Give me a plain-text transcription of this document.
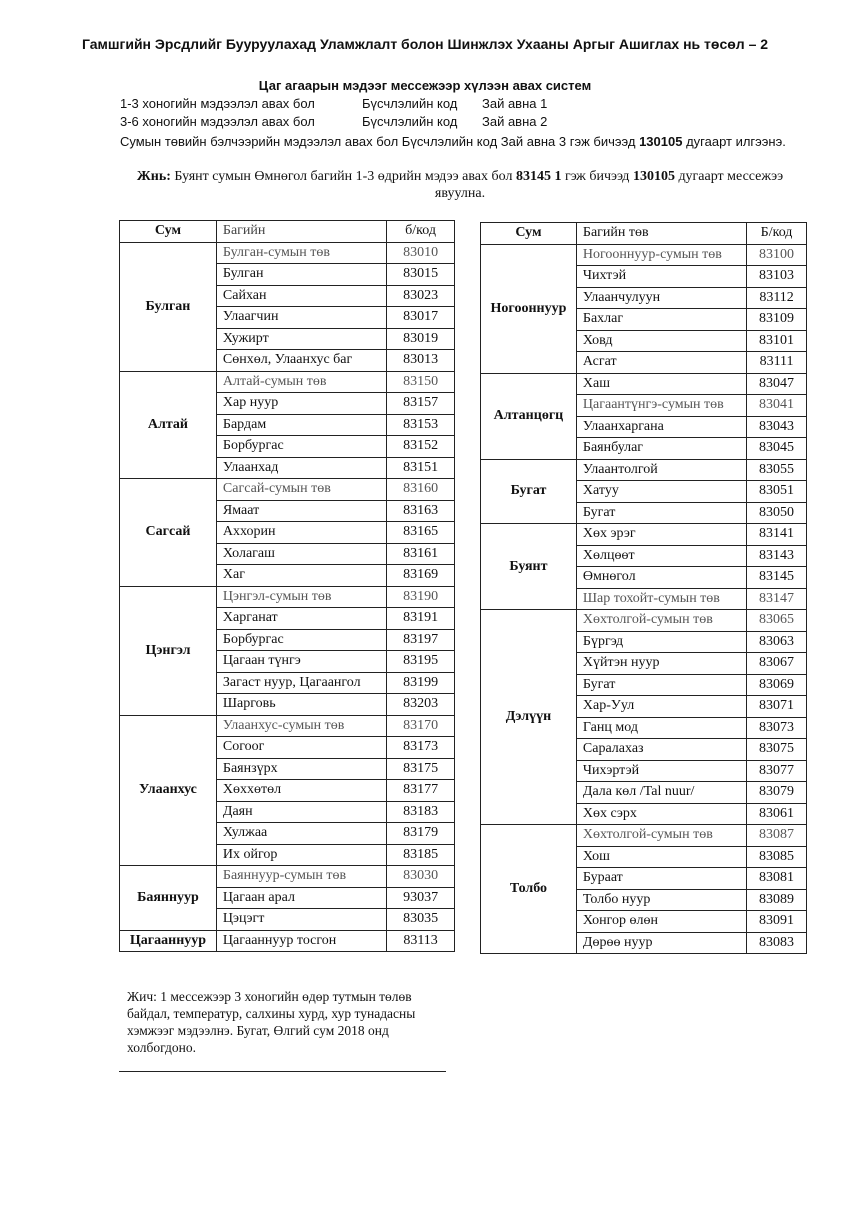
Гамшгийн Эрсдлийг Бууруулахад Уламжлалт болон Шинжлэх Ухааны Аргыг Ашиглах нь төсөл – 2
Цаг агаарын мэдээг мессежээр хүлээн авах систем
1-3 хоногийн мэдээлэл авах бол	Бүсчлэлийн код Зай авна 1
3-6 хоногийн мэдээлэл авах бол	Бүсчлэлийн код Зай авна 2
Сумын төвийн бэлчээрийн мэдээлэл авах бол Бүсчлэлийн код Зай авна 3 гэж бичээд 130105 дугаарт илгээнэ.
Жнь: Буянт сумын Өмнөгол багийн 1-3 өдрийн мэдээ авах бол 83145 1 гэж бичээд 130105 дугаарт мессежээ явуулна.
Сум	Багийн	б/код
Булган	Булган-сумын төв	83010
	Булган	83015
	Сайхан	83023
	Улаагчин	83017
	Хужирт	83019
	Сөнхөл, Улаанхус баг	83013
Алтай	Алтай-сумын төв	83150
	Хар нуур	83157
	Бардам	83153
	Борбургас	83152
	Улаанхад	83151
Сагсай	Сагсай-сумын төв	83160
	Ямаат	83163
	Аххорин	83165
	Холагаш	83161
	Хаг	83169
Цэнгэл	Цэнгэл-сумын төв	83190
	Харганат	83191
	Борбургас	83197
	Цагаан түнгэ	83195
	Загаст нуур, Цагаангол	83199
	Шарговь	83203
Улаанхус	Улаанхус-сумын төв	83170
	Согоог	83173
	Баянзүрх	83175
	Хөххөтөл	83177
	Даян	83183
	Хулжаа	83179
	Их ойгор	83185
Баяннуур	Баяннуур-сумын төв	83030
	Цагаан арал	93037
	Цэцэгт	83035
Цагааннуур	Цагааннуур тосгон	83113
Сум	Багийн төв	Б/код
Ногооннуур	Ногооннуур-сумын төв	83100
	Чихтэй	83103
	Улаанчулуун	83112
	Бахлаг	83109
	Ховд	83101
	Асгат	83111
Алтанцөгц	Хаш	83047
	Цагаантүнгэ-сумын төв	83041
	Улаанхаргана	83043
	Баянбулаг	83045
Бугат	Улаантолгой	83055
	Хатуу	83051
	Бугат	83050
Буянт	Хөх эрэг	83141
	Хөлцөөт	83143
	Өмнөгол	83145
	Шар тохойт-сумын төв	83147
Дэлүүн	Хөхтолгой-сумын төв	83065
	Бүргэд	83063
	Хүйтэн нуур	83067
	Бугат	83069
	Хар-Уул	83071
	Ганц мод	83073
	Саралахаз	83075
	Чихэртэй	83077
	Дала көл /Tal nuur/	83079
	Хөх сэрх	83061
Толбо	Хөхтолгой-сумын төв	83087
	Хош	83085
	Бураат	83081
	Толбо нуур	83089
	Хонгор өлөн	83091
	Дөрөө нуур	83083
Жич: 1 мессежээр 3 хоногийн өдөр тутмын төлөв байдал, температур, салхины хурд, хур тунадасны хэмжээг мэдээлнэ. Бугат, Өлгий сум 2018 онд холбогдоно.
